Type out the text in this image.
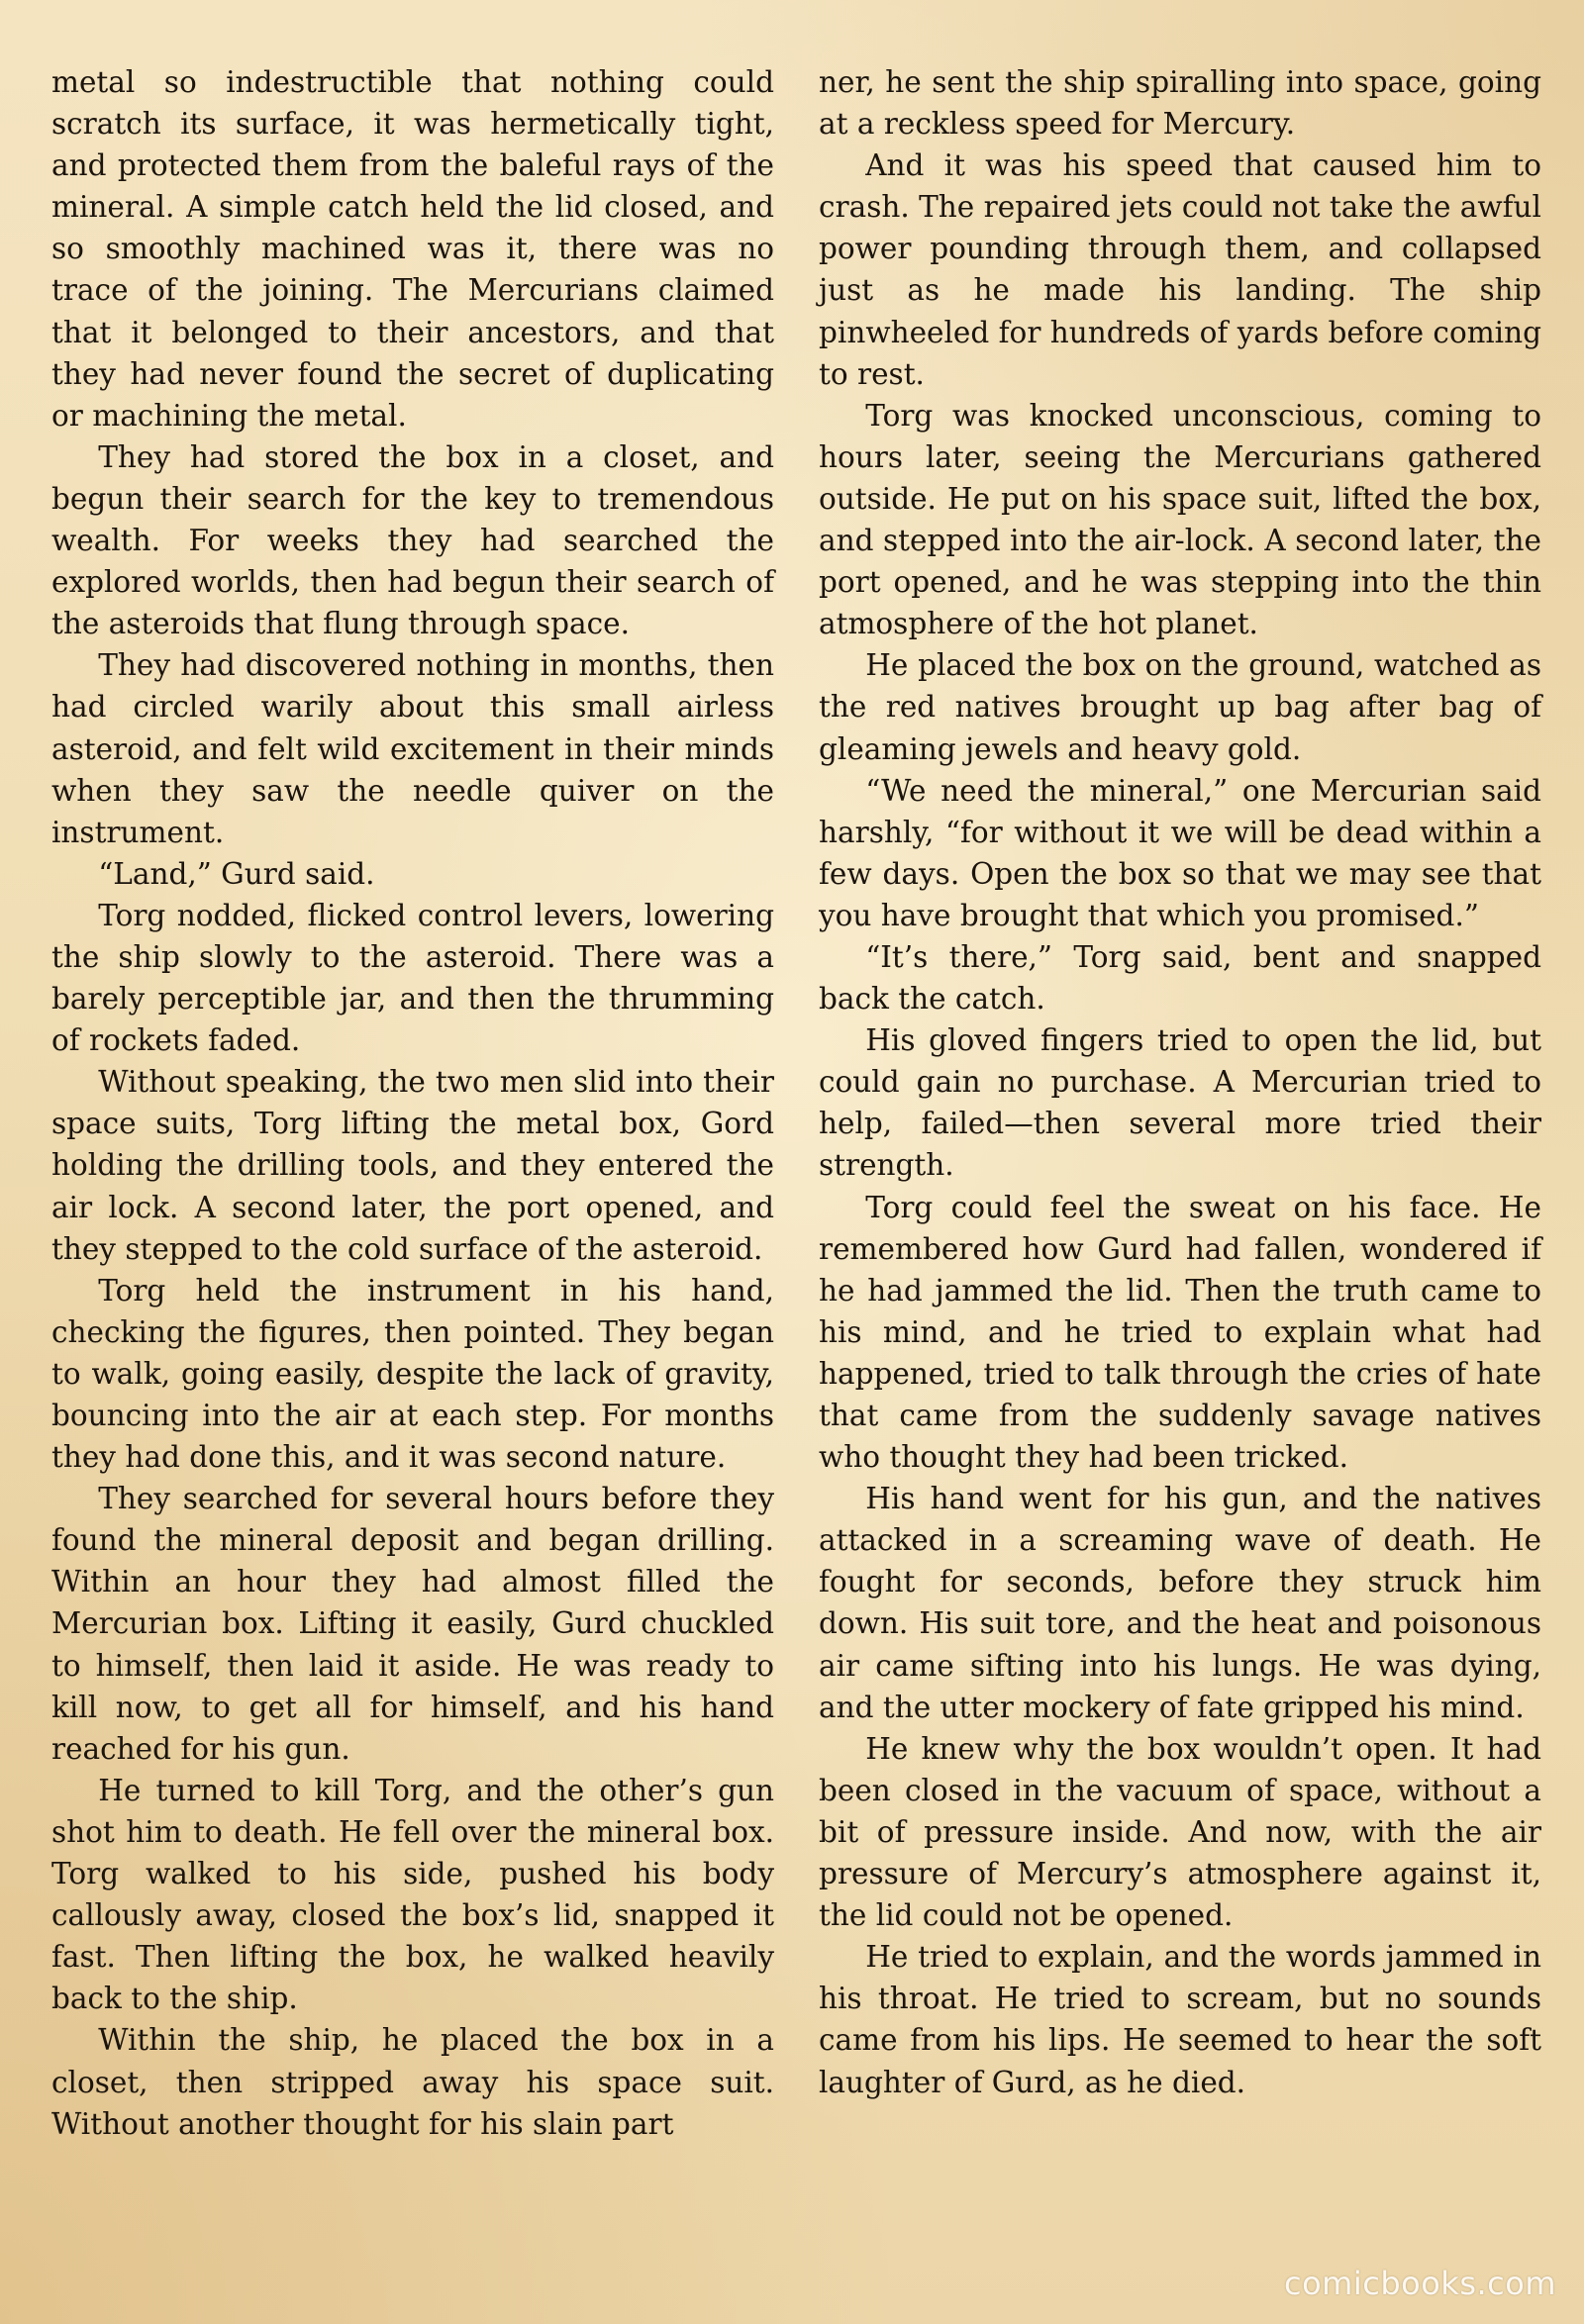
metal so indestructible that nothing could scratch its surface, it was hermetically tight, and protected them from the baleful rays of the mineral. A simple catch held the lid closed, and so smoothly machined was it, there was no trace of the joining. The Mercurians claimed that it belonged to their ancestors, and that they had never found the secret of duplicating or machining the metal.

They had stored the box in a closet, and begun their search for the key to tremendous wealth. For weeks they had searched the explored worlds, then had begun their search of the asteroids that flung through space.

They had discovered nothing in months, then had circled warily about this small airless asteroid, and felt wild excitement in their minds when they saw the needle quiver on the instrument.

“Land,” Gurd said.

Torg nodded, flicked control levers, lowering the ship slowly to the asteroid. There was a barely perceptible jar, and then the thrumming of rockets faded.

Without speaking, the two men slid into their space suits, Torg lifting the metal box, Gord holding the drilling tools, and they entered the air lock. A second later, the port opened, and they stepped to the cold surface of the asteroid.

Torg held the instrument in his hand, checking the figures, then pointed. They began to walk, going easily, despite the lack of gravity, bouncing into the air at each step. For months they had done this, and it was second nature.

They searched for several hours before they found the mineral deposit and began drilling. Within an hour they had almost filled the Mercurian box. Lifting it easily, Gurd chuckled to himself, then laid it aside. He was ready to kill now, to get all for himself, and his hand reached for his gun.

He turned to kill Torg, and the other’s gun shot him to death. He fell over the mineral box. Torg walked to his side, pushed his body callously away, closed the box’s lid, snapped it fast. Then lifting the box, he walked heavily back to the ship.

Within the ship, he placed the box in a closet, then stripped away his space suit. Without another thought for his slain part

ner, he sent the ship spiralling into space, going at a reckless speed for Mercury.

And it was his speed that caused him to crash. The repaired jets could not take the awful power pounding through them, and collapsed just as he made his landing. The ship pinwheeled for hundreds of yards before coming to rest.

Torg was knocked unconscious, coming to hours later, seeing the Mercurians gathered outside. He put on his space suit, lifted the box, and stepped into the air-lock. A second later, the port opened, and he was stepping into the thin atmosphere of the hot planet.

He placed the box on the ground, watched as the red natives brought up bag after bag of gleaming jewels and heavy gold.

“We need the mineral,” one Mercurian said harshly, “for without it we will be dead within a few days. Open the box so that we may see that you have brought that which you promised.”

“It’s there,” Torg said, bent and snapped back the catch.

His gloved fingers tried to open the lid, but could gain no purchase. A Mercurian tried to help, failed—then several more tried their strength.

Torg could feel the sweat on his face. He remembered how Gurd had fallen, wondered if he had jammed the lid. Then the truth came to his mind, and he tried to explain what had happened, tried to talk through the cries of hate that came from the suddenly savage natives who thought they had been tricked.

His hand went for his gun, and the natives attacked in a screaming wave of death. He fought for seconds, before they struck him down. His suit tore, and the heat and poisonous air came sifting into his lungs. He was dying, and the utter mockery of fate gripped his mind.

He knew why the box wouldn’t open. It had been closed in the vacuum of space, without a bit of pressure inside. And now, with the air pressure of Mercury’s atmosphere against it, the lid could not be opened.

He tried to explain, and the words jammed in his throat. He tried to scream, but no sounds came from his lips. He seemed to hear the soft laughter of Gurd, as he died.

comicbooks.com
